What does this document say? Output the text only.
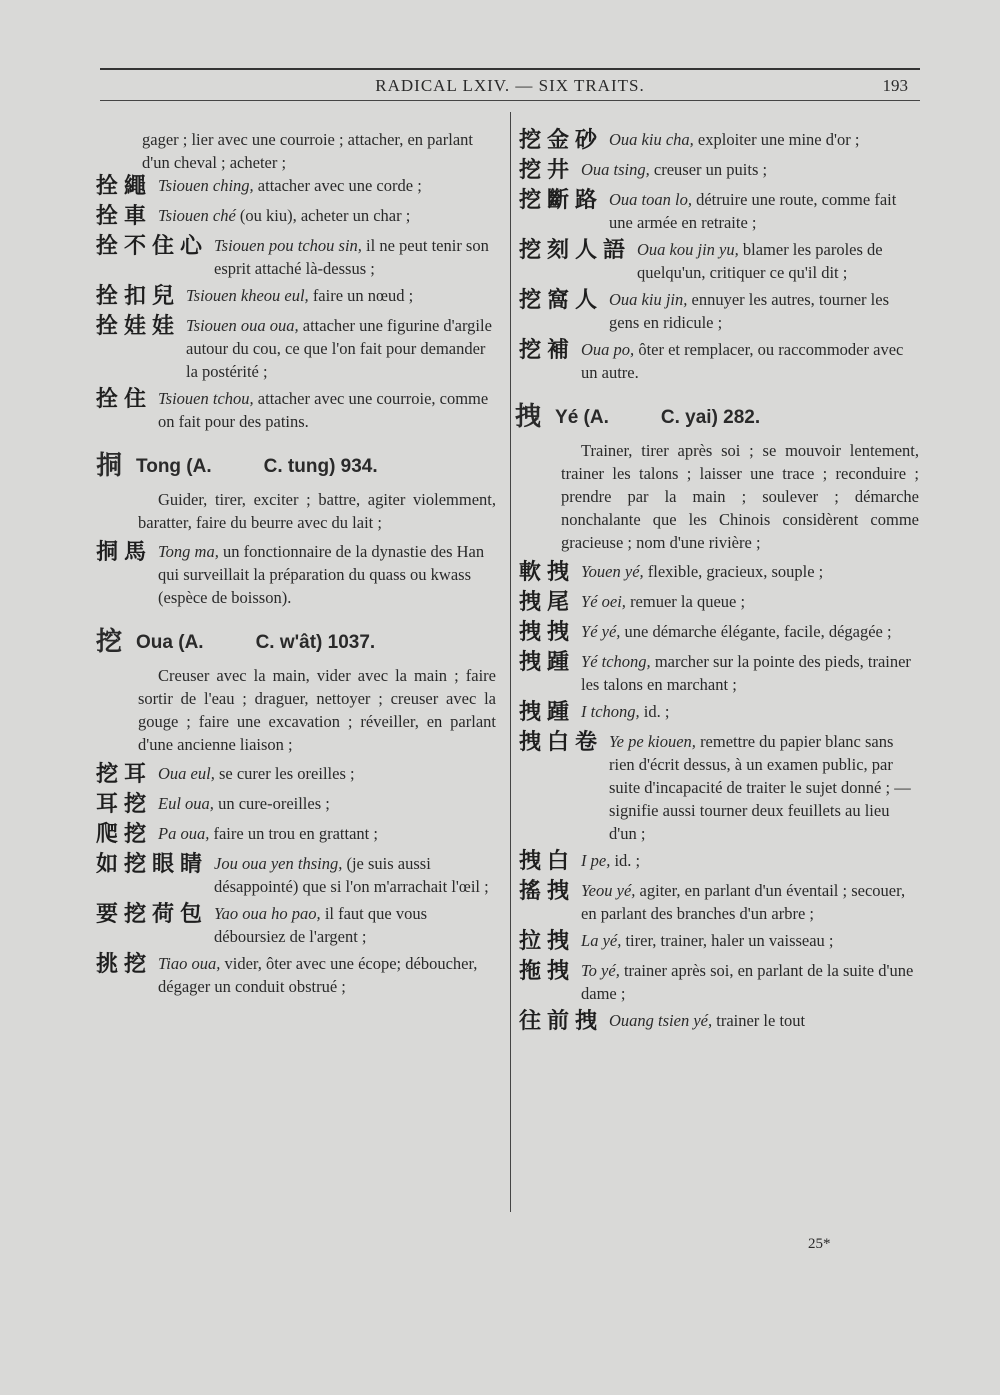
RADICAL LXIV. — SIX TRAITS.	193
gager ; lier avec une courroie ; attacher, en parlant d'un cheval ; acheter ;
拴繩 Tsiouen ching, attacher avec une corde ;
拴車 Tsiouen ché (ou kiu), acheter un char ;
拴不住心 Tsiouen pou tchou sin, il ne peut tenir son esprit attaché là-dessus ;
拴扣兒 Tsiouen kheou eul, faire un nœud ;
拴娃娃 Tsiouen oua oua, attacher une figurine d'argile autour du cou, ce que l'on fait pour demander la postérité ;
拴住 Tsiouen tchou, attacher avec une courroie, comme on fait pour des patins.
挏 Tong (A.	C. tung) 934.
Guider, tirer, exciter ; battre, agiter violemment, baratter, faire du beurre avec du lait ;
挏馬 Tong ma, un fonctionnaire de la dynastie des Han qui surveillait la préparation du quass ou kwass (espèce de boisson).
挖 Oua (A.	C. w'ât) 1037.
Creuser avec la main, vider avec la main ; faire sortir de l'eau ; draguer, nettoyer ; creuser avec la gouge ; faire une excavation ; réveiller, en parlant d'une ancienne liaison ;
挖耳 Oua eul, se curer les oreilles ;
耳挖 Eul oua, un cure-oreilles ;
爬挖 Pa oua, faire un trou en grattant ;
如挖眼睛 Jou oua yen thsing, (je suis aussi désappointé) que si l'on m'arrachait l'œil ;
要挖荷包 Yao oua ho pao, il faut que vous déboursiez de l'argent ;
挑挖 Tiao oua, vider, ôter avec une écope; déboucher, dégager un conduit obstrué ;
挖金砂 Oua kiu cha, exploiter une mine d'or ;
挖井 Oua tsing, creuser un puits ;
挖斷路 Oua toan lo, détruire une route, comme fait une armée en retraite ;
挖刻人語 Oua kou jin yu, blamer les paroles de quelqu'un, critiquer ce qu'il dit ;
挖窩人 Oua kiu jin, ennuyer les autres, tourner les gens en ridicule ;
挖補 Oua po, ôter et remplacer, ou raccommoder avec un autre.
拽 Yé (A.	C. yai) 282.
Trainer, tirer après soi ; se mouvoir lentement, trainer les talons ; laisser une trace ; reconduire ; prendre par la main ; soulever ; démarche nonchalante que les Chinois considèrent comme gracieuse ; nom d'une rivière ;
軟拽 Youen yé, flexible, gracieux, souple ;
拽尾 Yé oei, remuer la queue ;
拽拽 Yé yé, une démarche élégante, facile, dégagée ;
拽踵 Yé tchong, marcher sur la pointe des pieds, trainer les talons en marchant ;
拽踵 I tchong, id. ;
拽白卷 Ye pe kiouen, remettre du papier blanc sans rien d'écrit dessus, à un examen public, par suite d'incapacité de traiter le sujet donné ; — signifie aussi tourner deux feuillets au lieu d'un ;
拽白 I pe, id. ;
搖拽 Yeou yé, agiter, en parlant d'un éventail ; secouer, en parlant des branches d'un arbre ;
拉拽 La yé, tirer, trainer, haler un vaisseau ;
拖拽 To yé, trainer après soi, en parlant de la suite d'une dame ;
往前拽 Ouang tsien yé, trainer le tout
25*
